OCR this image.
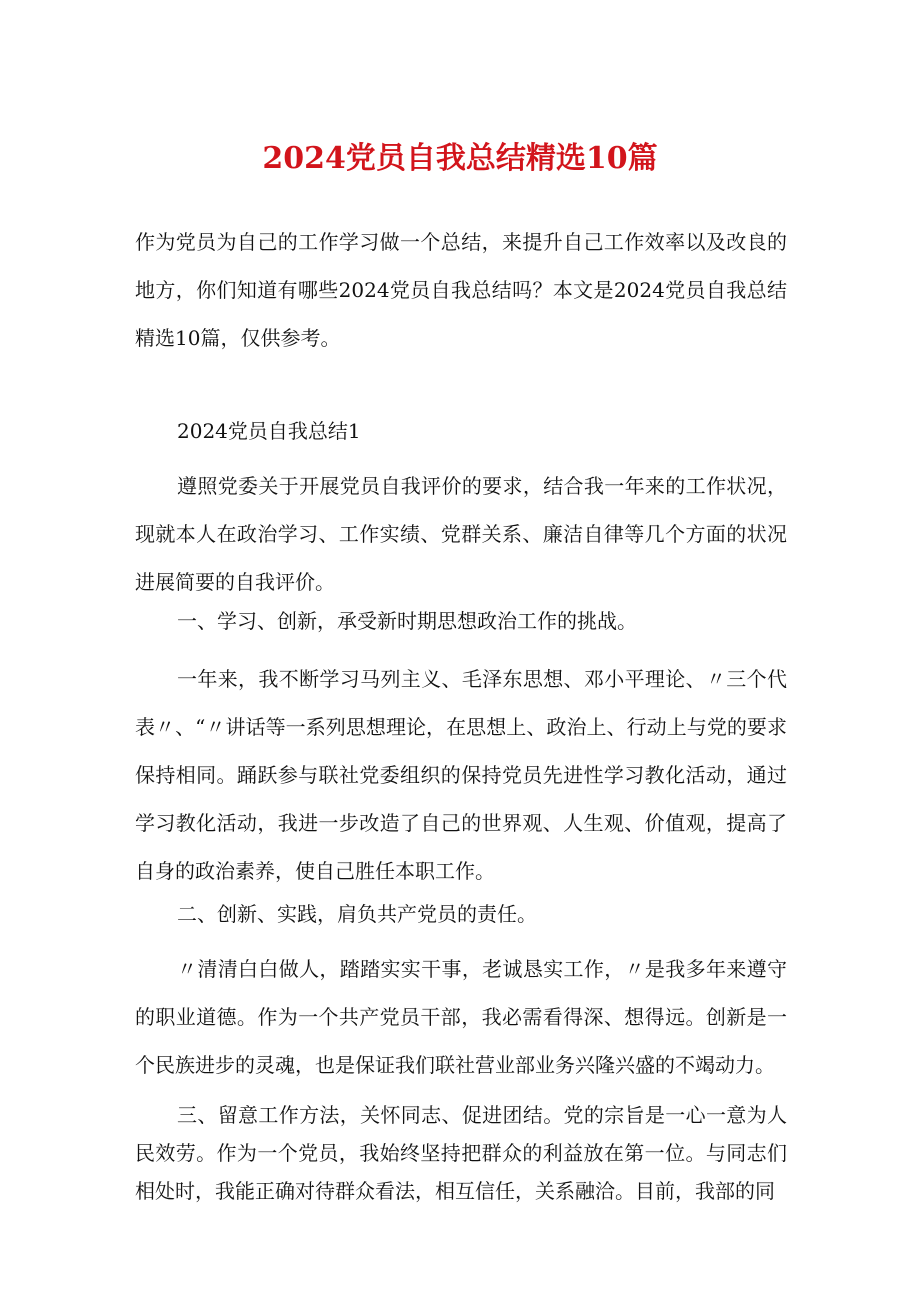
2024党员自我总结精选10篇

作为党员为自己的工作学习做一个总结，来提升自己工作效率以及改良的地方，你们知道有哪些2024党员自我总结吗？本文是2024党员自我总结精选10篇，仅供参考。

2024党员自我总结1

遵照党委关于开展党员自我评价的要求，结合我一年来的工作状况，现就本人在政治学习、工作实绩、党群关系、廉洁自律等几个方面的状况进展简要的自我评价。

一、学习、创新，承受新时期思想政治工作的挑战。

一年来，我不断学习马列主义、毛泽东思想、邓小平理论、〃三个代表〃、“〃讲话等一系列思想理论，在思想上、政治上、行动上与党的要求保持相同。踊跃参与联社党委组织的保持党员先进性学习教化活动，通过学习教化活动，我进一步改造了自己的世界观、人生观、价值观，提高了自身的政治素养，使自己胜任本职工作。

二、创新、实践，肩负共产党员的责任。

〃清清白白做人，踏踏实实干事，老诚恳实工作，〃是我多年来遵守的职业道德。作为一个共产党员干部，我必需看得深、想得远。创新是一个民族进步的灵魂，也是保证我们联社营业部业务兴隆兴盛的不竭动力。

三、留意工作方法，关怀同志、促进团结。党的宗旨是一心一意为人民效劳。作为一个党员，我始终坚持把群众的利益放在第一位。与同志们相处时，我能正确对待群众看法，相互信任，关系融洽。目前，我部的同
